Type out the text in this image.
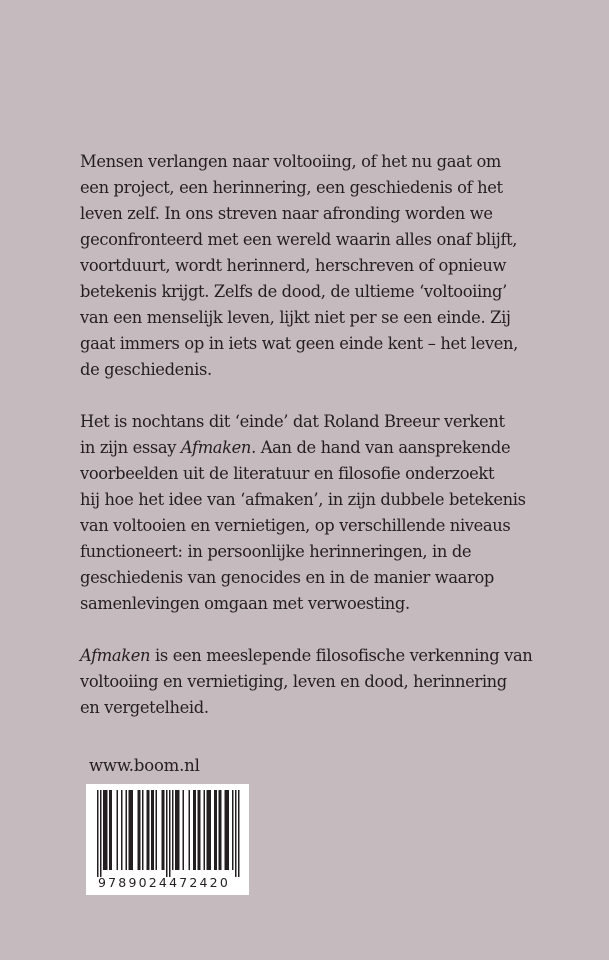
Mensen verlangen naar voltooiing, of het nu gaat om
een project, een herinnering, een geschiedenis of het
leven zelf. In ons streven naar afronding worden we
geconfronteerd met een wereld waarin alles onaf blijft,
voortduurt, wordt herinnerd, herschreven of opnieuw
betekenis krijgt. Zelfs de dood, de ultieme ‘voltooiing’
van een menselijk leven, lijkt niet per se een einde. Zij
gaat immers op in iets wat geen einde kent – het leven,
de geschiedenis.

Het is nochtans dit ‘einde’ dat Roland Breeur verkent
in zijn essay Afmaken. Aan de hand van aansprekende
voorbeelden uit de literatuur en filosofie onderzoekt
hij hoe het idee van ‘afmaken’, in zijn dubbele betekenis
van voltooien en vernietigen, op verschillende niveaus
functioneert: in persoonlijke herinneringen, in de
geschiedenis van genocides en in de manier waarop
samenlevingen omgaan met verwoesting.

Afmaken is een meeslepende filosofische verkenning van
voltooiing en vernietiging, leven en dood, herinnering
en vergetelheid.

www.boom.nl
9789024472420
